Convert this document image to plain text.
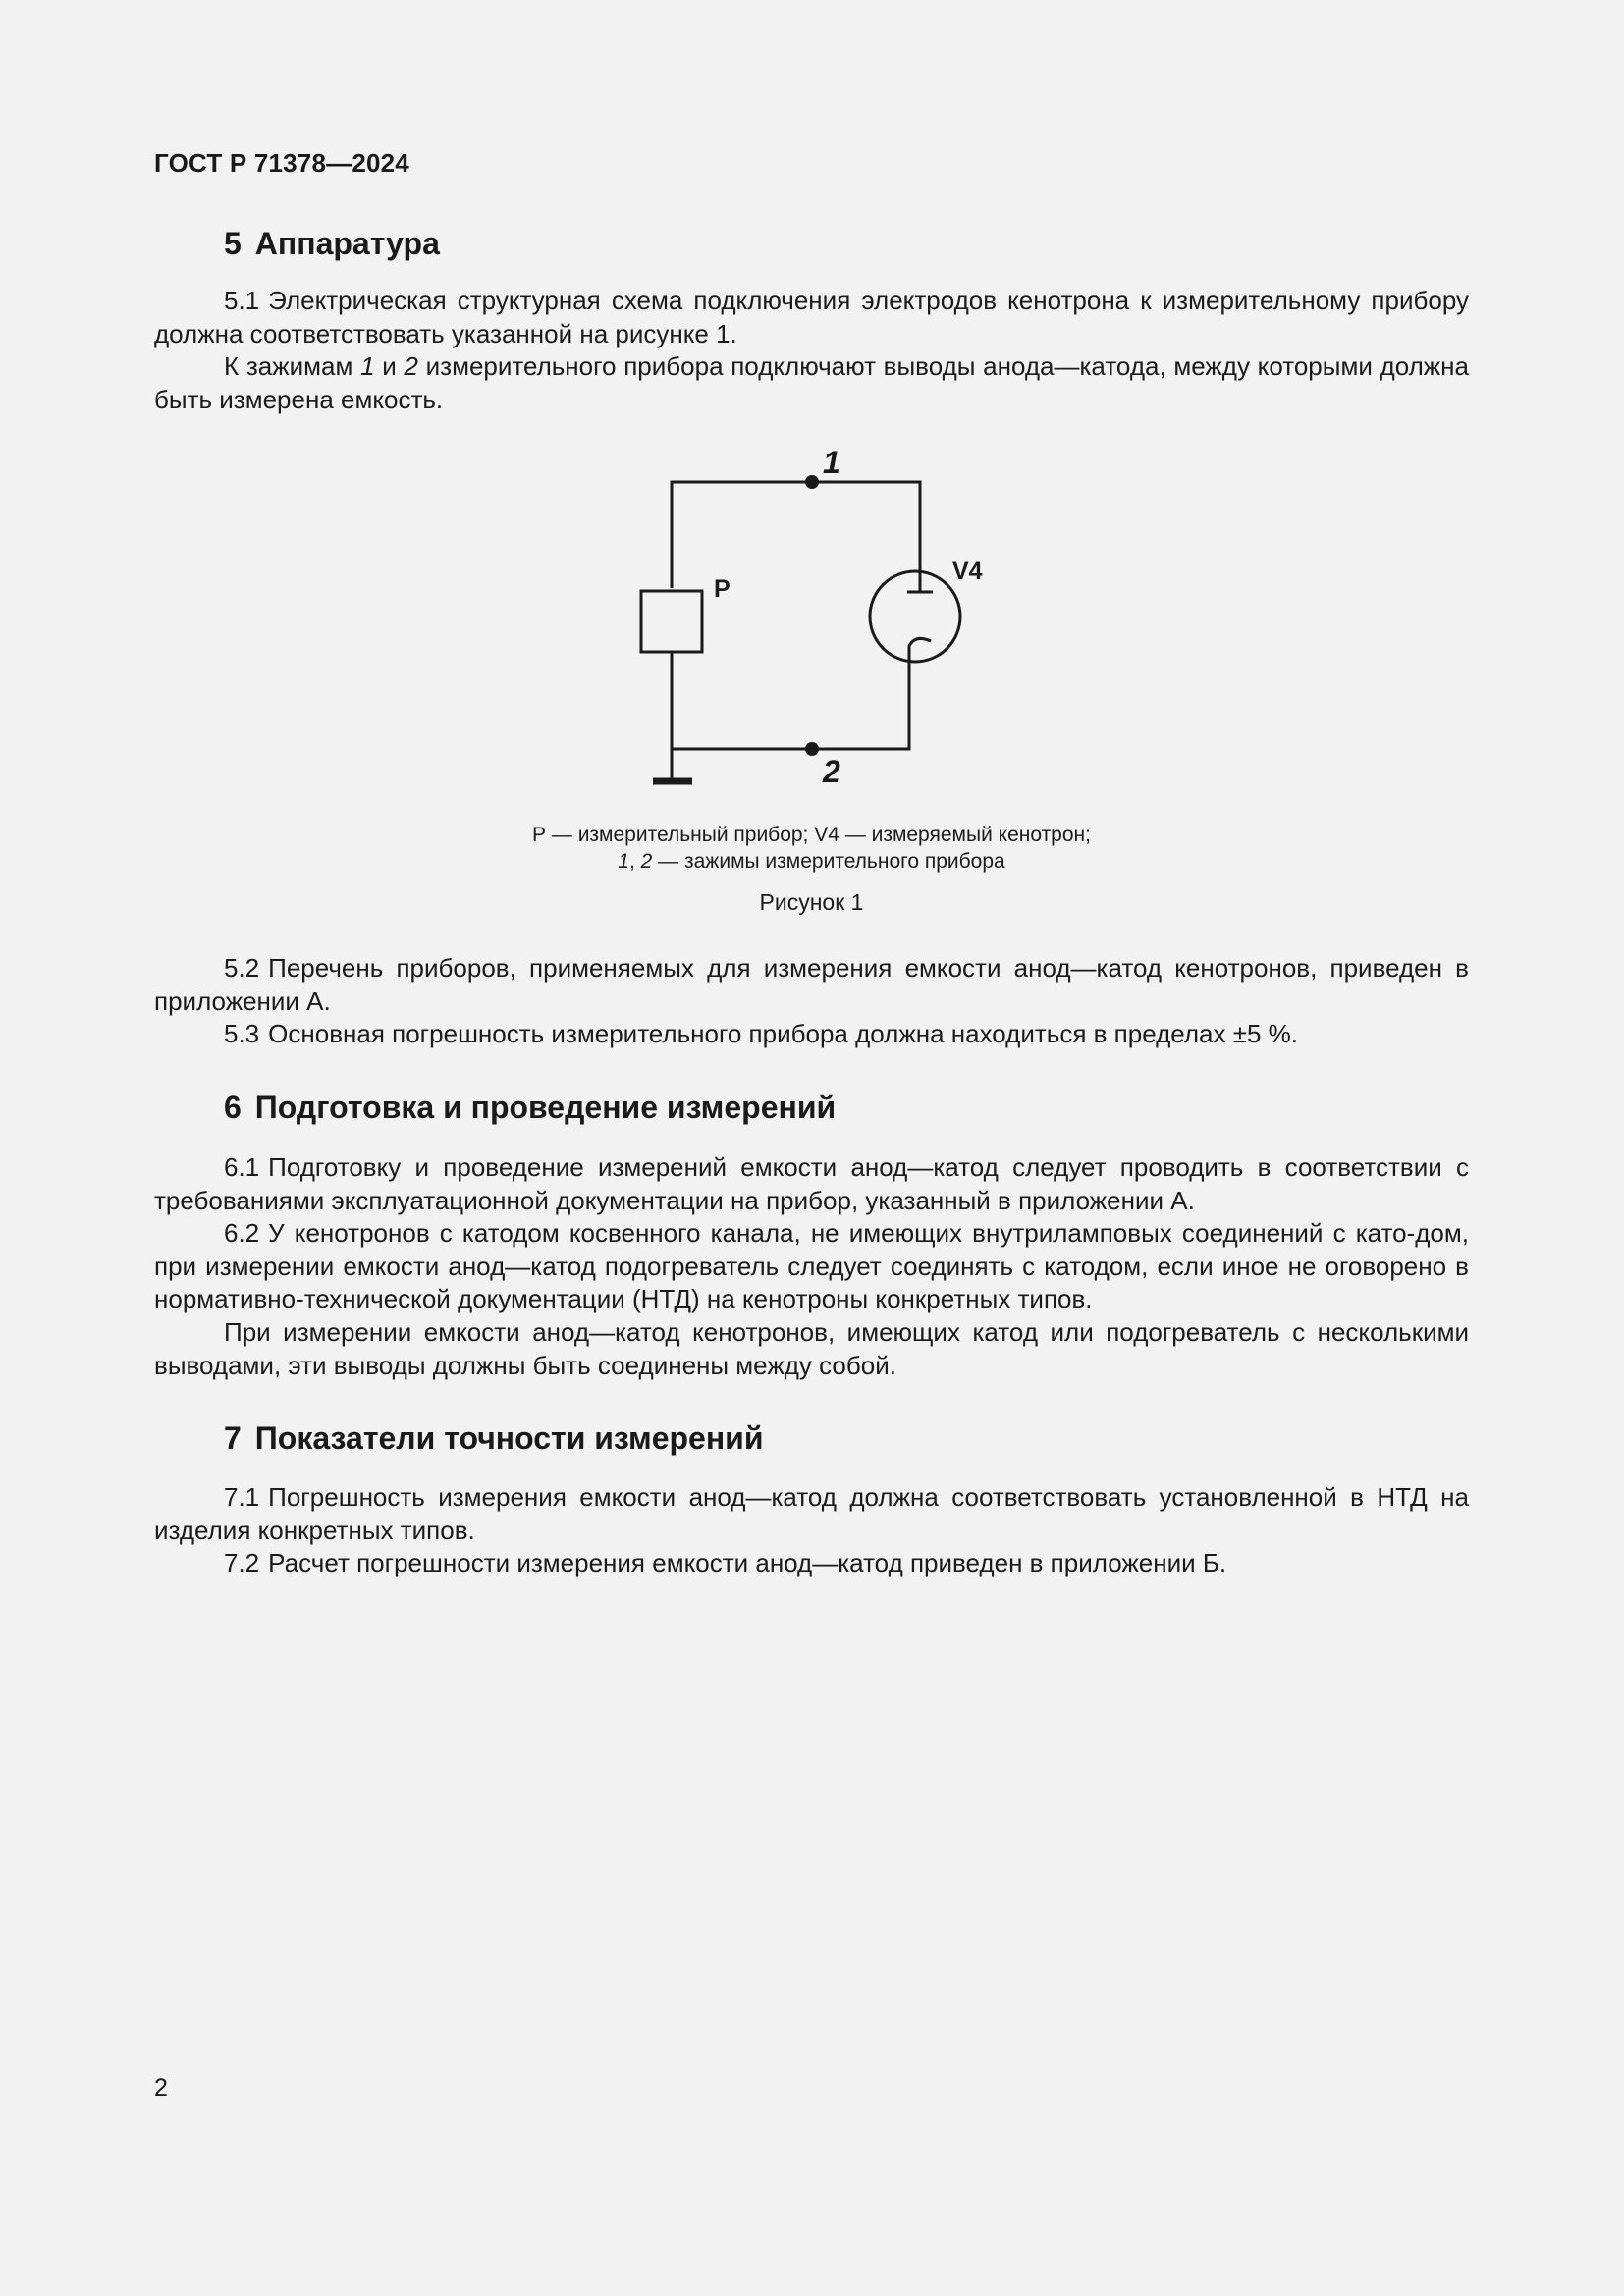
ГОСТ Р 71378—2024
5 Аппаратура
5.1 Электрическая структурная схема подключения электродов кенотрона к измерительному прибору должна соответствовать указанной на рисунке 1.
К зажимам 1 и 2 измерительного прибора подключают выводы анода—катода, между которыми должна быть измерена емкость.
1
2
P
V4
Р — измерительный прибор; V4 — измеряемый кенотрон;
1, 2 — зажимы измерительного прибора
Рисунок 1
5.2 Перечень приборов, применяемых для измерения емкости анод—катод кенотронов, приведен в приложении А.
5.3 Основная погрешность измерительного прибора должна находиться в пределах ±5 %.
6 Подготовка и проведение измерений
6.1 Подготовку и проведение измерений емкости анод—катод следует проводить в соответствии с требованиями эксплуатационной документации на прибор, указанный в приложении А.
6.2 У кенотронов с катодом косвенного канала, не имеющих внутриламповых соединений с като-дом, при измерении емкости анод—катод подогреватель следует соединять с катодом, если иное не оговорено в нормативно-технической документации (НТД) на кенотроны конкретных типов.
При измерении емкости анод—катод кенотронов, имеющих катод или подогреватель с несколькими выводами, эти выводы должны быть соединены между собой.
7 Показатели точности измерений
7.1 Погрешность измерения емкости анод—катод должна соответствовать установленной в НТД на изделия конкретных типов.
7.2 Расчет погрешности измерения емкости анод—катод приведен в приложении Б.
2
